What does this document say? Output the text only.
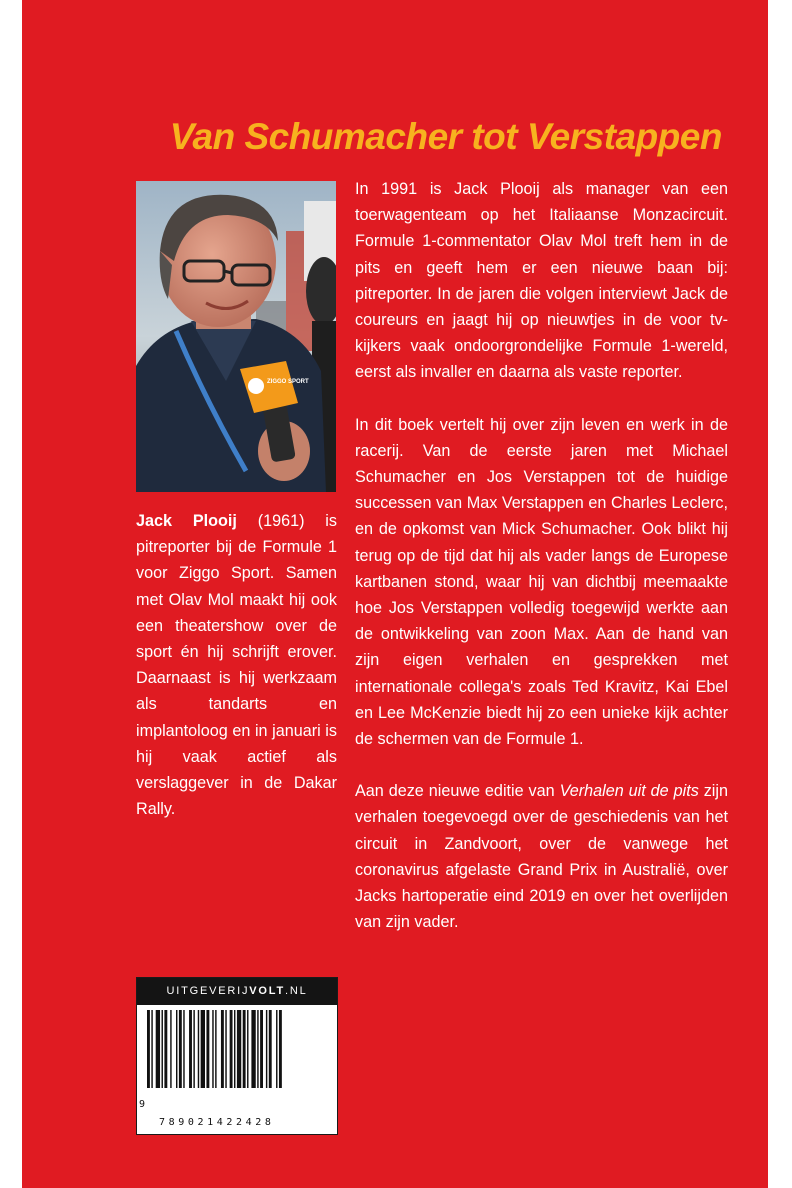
Van Schumacher tot Verstappen
ZIGGO SPORT

In 1991 is Jack Plooij als manager van een toerwagenteam op het Italiaanse Monzacircuit. Formule 1-commentator Olav Mol treft hem in de pits en geeft hem er een nieuwe baan bij: pitreporter. In de jaren die volgen interviewt Jack de coureurs en jaagt hij op nieuwtjes in de voor tv-kijkers vaak ondoorgrondelijke Formule 1-wereld, eerst als invaller en daarna als vaste reporter.

In dit boek vertelt hij over zijn leven en werk in de racerij. Van de eerste jaren met Michael Schumacher en Jos Verstappen tot de huidige successen van Max Verstappen en Charles Leclerc, en de opkomst van Mick Schumacher. Ook blikt hij terug op de tijd dat hij als vader langs de Europese kartbanen stond, waar hij van dichtbij meemaakte hoe Jos Verstappen volledig toegewijd werkte aan de ontwikkeling van zoon Max. Aan de hand van zijn eigen verhalen en gesprekken met internationale collega's zoals Ted Kravitz, Kai Ebel en Lee McKenzie biedt hij zo een unieke kijk achter de schermen van de Formule 1.

Aan deze nieuwe editie van Verhalen uit de pits zijn verhalen toegevoegd over de geschiedenis van het circuit in Zandvoort, over de vanwege het coronavirus afgelaste Grand Prix in Australië, over Jacks hartoperatie eind 2019 en over het overlijden van zijn vader.

Jack Plooij (1961) is pitreporter bij de Formule 1 voor Ziggo Sport. Samen met Olav Mol maakt hij ook een theatershow over de sport én hij schrijft erover. Daarnaast is hij werkzaam als tandarts en implantoloog en in januari is hij vaak actief als verslaggever in de Dakar Rally.

UITGEVERIJVOLT.NL
9
789021422428
